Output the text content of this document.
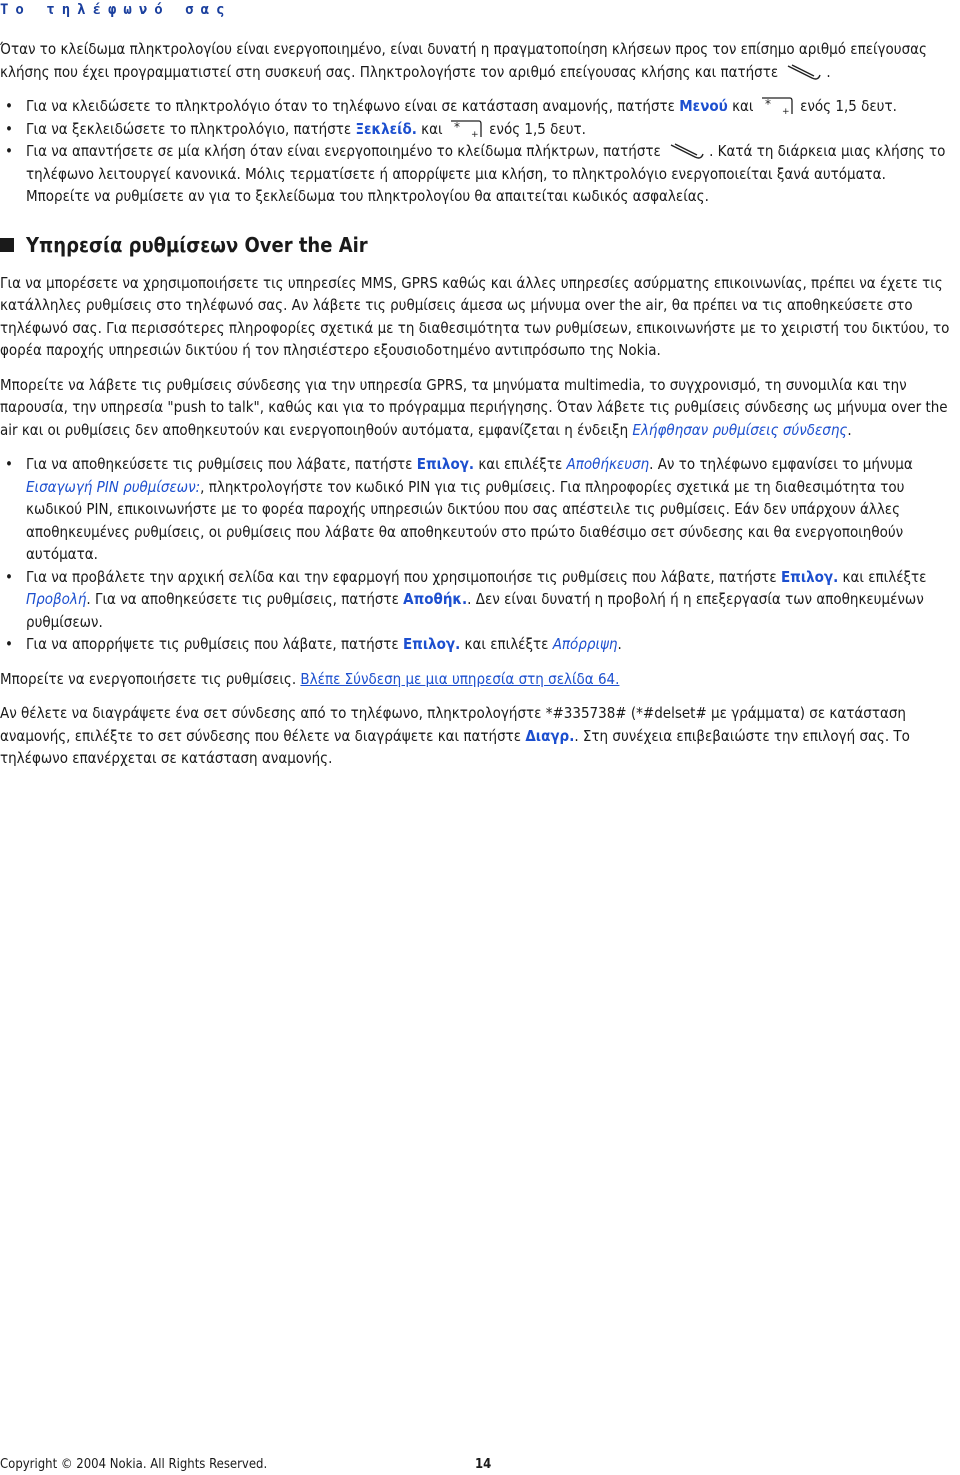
Το τηλέφωνό σας

Όταν το κλείδωμα πληκτρολογίου είναι ενεργοποιημένο, είναι δυνατή η πραγματοποίηση κλήσεων προς τον επίσημο αριθμό επείγουσας κλήσης που έχει προγραμματιστεί στη συσκευή σας. Πληκτρολογήστε τον αριθμό επείγουσας κλήσης και πατήστε	.

• Για να κλειδώσετε το πληκτρολόγιο όταν το τηλέφωνο είναι σε κατάσταση αναμονής, πατήστε Μενού και *
+ ενός 1,5 δευτ.
• Για να ξεκλειδώσετε το πληκτρολόγιο, πατήστε Ξεκλείδ. και *
+ ενός 1,5 δευτ.
• Για να απαντήσετε σε μία κλήση όταν είναι ενεργοποιημένο το κλείδωμα πλήκτρων, πατήστε	. Κατά τη διάρκεια μιας κλήσης το τηλέφωνο λειτουργεί κανονικά. Μόλις τερματίσετε ή απορρίψετε μια κλήση, το πληκτρολόγιο ενεργοποιείται ξανά αυτόματα. Μπορείτε να ρυθμίσετε αν για το ξεκλείδωμα του πληκτρολογίου θα απαιτείται κωδικός ασφαλείας.
Υπηρεσία ρυθμίσεων Over the Air

Για να μπορέσετε να χρησιμοποιήσετε τις υπηρεσίες MMS, GPRS καθώς και άλλες υπηρεσίες ασύρματης επικοινωνίας, πρέπει να έχετε τις κατάλληλες ρυθμίσεις στο τηλέφωνό σας. Αν λάβετε τις ρυθμίσεις άμεσα ως μήνυμα over the air, θα πρέπει να τις αποθηκεύσετε στο τηλέφωνό σας. Για περισσότερες πληροφορίες σχετικά με τη διαθεσιμότητα των ρυθμίσεων, επικοινωνήστε με το χειριστή του δικτύου, το φορέα παροχής υπηρεσιών δικτύου ή τον πλησιέστερο εξουσιοδοτημένο αντιπρόσωπο της Nokia.

Μπορείτε να λάβετε τις ρυθμίσεις σύνδεσης για την υπηρεσία GPRS, τα μηνύματα multimedia, το συγχρονισμό, τη συνομιλία και την παρουσία, την υπηρεσία "push to talk", καθώς και για το πρόγραμμα περιήγησης. Όταν λάβετε τις ρυθμίσεις σύνδεσης ως μήνυμα over the air και οι ρυθμίσεις δεν αποθηκευτούν και ενεργοποιηθούν αυτόματα, εμφανίζεται η ένδειξη Ελήφθησαν ρυθμίσεις σύνδεσης.

• Για να αποθηκεύσετε τις ρυθμίσεις που λάβατε, πατήστε Επιλογ. και επιλέξτε Αποθήκευση. Αν το τηλέφωνο εμφανίσει το μήνυμα Εισαγωγή PIN ρυθμίσεων:, πληκτρολογήστε τον κωδικό PIN για τις ρυθμίσεις. Για πληροφορίες σχετικά με τη διαθεσιμότητα του κωδικού PIN, επικοινωνήστε με το φορέα παροχής υπηρεσιών δικτύου που σας απέστειλε τις ρυθμίσεις. Εάν δεν υπάρχουν άλλες αποθηκευμένες ρυθμίσεις, οι ρυθμίσεις που λάβατε θα αποθηκευτούν στο πρώτο διαθέσιμο σετ σύνδεσης και θα ενεργοποιηθούν αυτόματα.
• Για να προβάλετε την αρχική σελίδα και την εφαρμογή που χρησιμοποιήσε τις ρυθμίσεις που λάβατε, πατήστε Επιλογ. και επιλέξτε Προβολή. Για να αποθηκεύσετε τις ρυθμίσεις, πατήστε Αποθήκ.. Δεν είναι δυνατή η προβολή ή η επεξεργασία των αποθηκευμένων ρυθμίσεων.
• Για να απορρήψετε τις ρυθμίσεις που λάβατε, πατήστε Επιλογ. και επιλέξτε Απόρριψη.

Μπορείτε να ενεργοποιήσετε τις ρυθμίσεις. Βλέπε Σύνδεση με μια υπηρεσία στη σελίδα 64.

Αν θέλετε να διαγράψετε ένα σετ σύνδεσης από το τηλέφωνο, πληκτρολογήστε *#335738# (*#delset# με γράμματα) σε κατάσταση αναμονής, επιλέξτε το σετ σύνδεσης που θέλετε να διαγράψετε και πατήστε Διαγρ.. Στη συνέχεια επιβεβαιώστε την επιλογή σας. Το τηλέφωνο επανέρχεται σε κατάσταση αναμονής.

Copyright © 2004 Nokia. All Rights Reserved.	14
